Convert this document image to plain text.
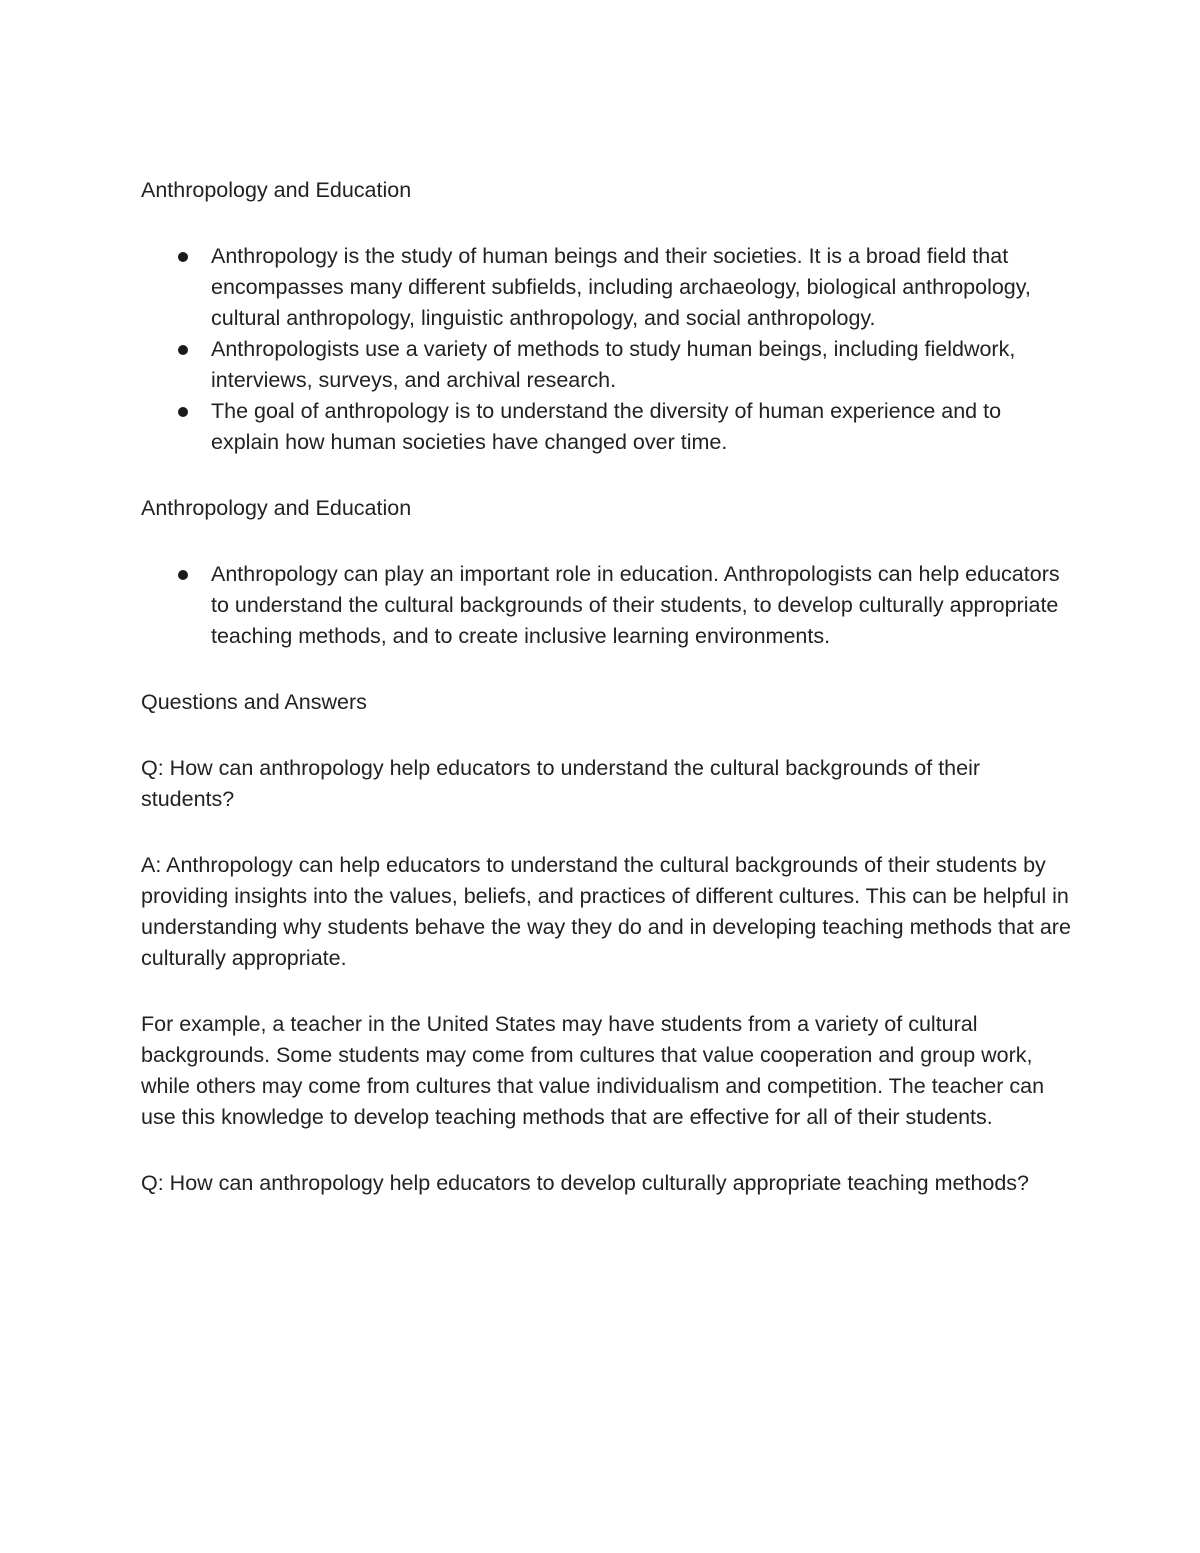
Anthropology and Education

Anthropology is the study of human beings and their societies. It is a broad field that encompasses many different subfields, including archaeology, biological anthropology, cultural anthropology, linguistic anthropology, and social anthropology.
Anthropologists use a variety of methods to study human beings, including fieldwork, interviews, surveys, and archival research.
The goal of anthropology is to understand the diversity of human experience and to explain how human societies have changed over time.

Anthropology and Education

Anthropology can play an important role in education. Anthropologists can help educators to understand the cultural backgrounds of their students, to develop culturally appropriate teaching methods, and to create inclusive learning environments.

Questions and Answers

Q: How can anthropology help educators to understand the cultural backgrounds of their students?

A: Anthropology can help educators to understand the cultural backgrounds of their students by providing insights into the values, beliefs, and practices of different cultures. This can be helpful in understanding why students behave the way they do and in developing teaching methods that are culturally appropriate.

For example, a teacher in the United States may have students from a variety of cultural backgrounds. Some students may come from cultures that value cooperation and group work, while others may come from cultures that value individualism and competition. The teacher can use this knowledge to develop teaching methods that are effective for all of their students.

Q: How can anthropology help educators to develop culturally appropriate teaching methods?
